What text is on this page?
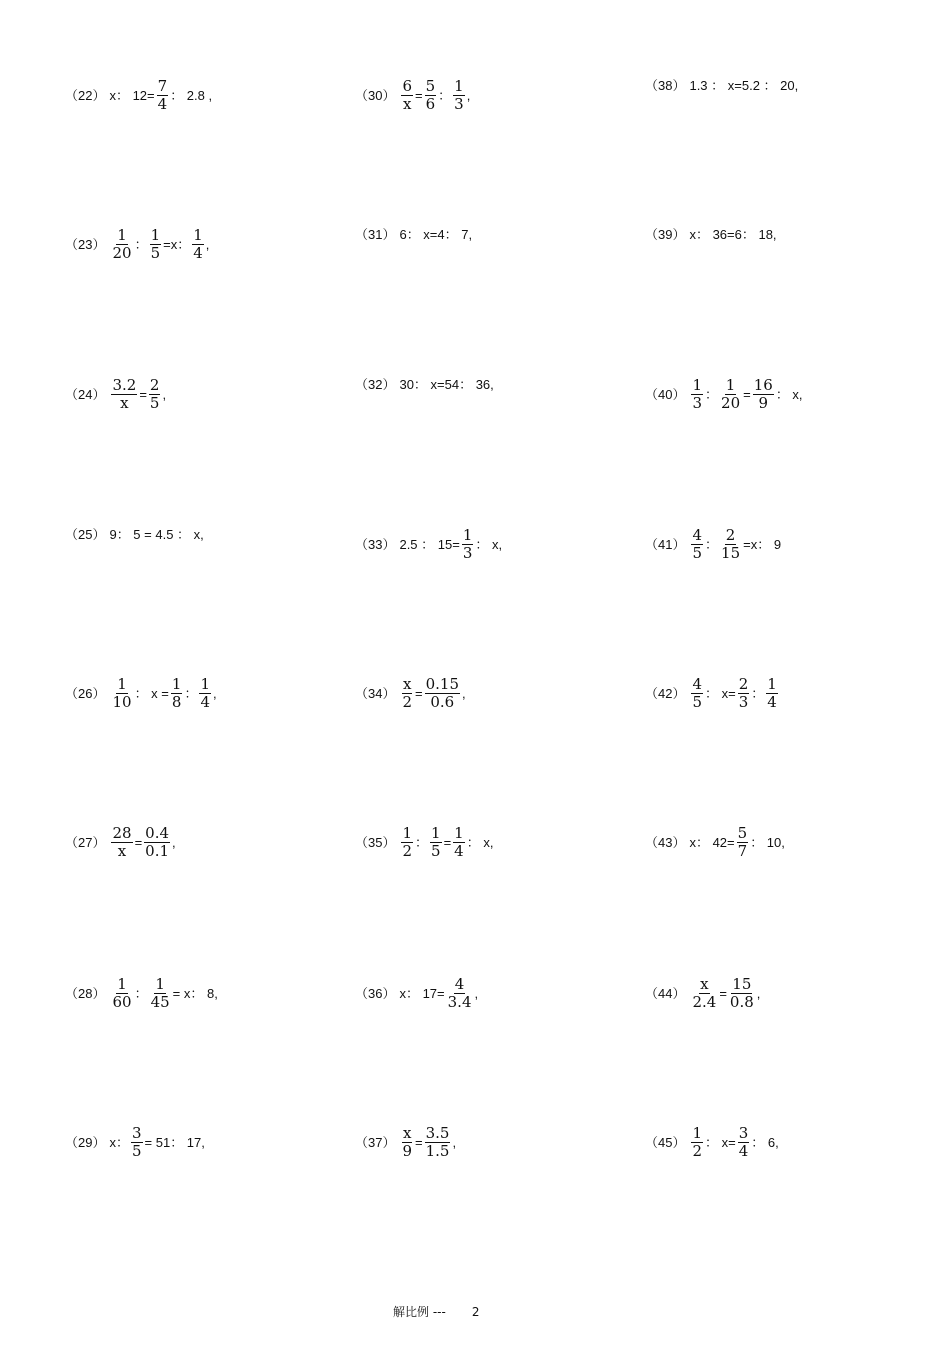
（22） x： $12= \frac{7}{4}$ ： 2.8 ,
$(23) \frac{1}{20}$ ： $\frac{1}{5} =x$： $\frac{1}{4}$ ,
$(24) \frac{3.2}{x} = \frac{2}{5}$ ,
（25） 9： 5 = 4.5 ： x,
$(26) \frac{1}{10}$ ： $x = \frac{1}{8}$ ： $\frac{1}{4}$ ,
$(27) \frac{28}{x} = \frac{0.4}{0.1}$ ,
$(28) \frac{1}{60}$ ： $\frac{1}{45} = x$： 8,
（29） x： $\frac{3}{5} = 51$： 17,
$(30) \frac{6}{x} = \frac{5}{6}$ ： $\frac{1}{3}$ ,
（31） 6： x=4： 7,
（32） 30： x=54： 36,
（33） 2.5 ： $15= \frac{1}{3}$ ： x,
$(34) \frac{x}{2} = \frac{0.15}{0.6}$ ,
$(35) \frac{1}{2}$ ： $\frac{1}{5} = \frac{1}{4}$ ： x,
（36） x： $17= \frac{4}{3.4}$ ,
$(37) \frac{x}{9} = \frac{3.5}{1.5}$ ,
（38） 1.3 ： x=5.2 ： 20,
（39） x： 36=6： 18,
$(40) \frac{1}{3}$ ： $\frac{1}{20} = \frac{16}{9}$ ： x,
$(41) \frac{4}{5}$ ： $\frac{2}{15} =x$： 9
$(42) \frac{4}{5}$ ： $x= \frac{2}{3}$ ： $\frac{1}{4}$
（43） x： $42= \frac{5}{7}$ ： 10,
$(44) \frac{x}{2.4} = \frac{15}{0.8}$ ,
$(45) \frac{1}{2}$ ： $x= \frac{3}{4}$ ： 6,
解比例 --- 2
